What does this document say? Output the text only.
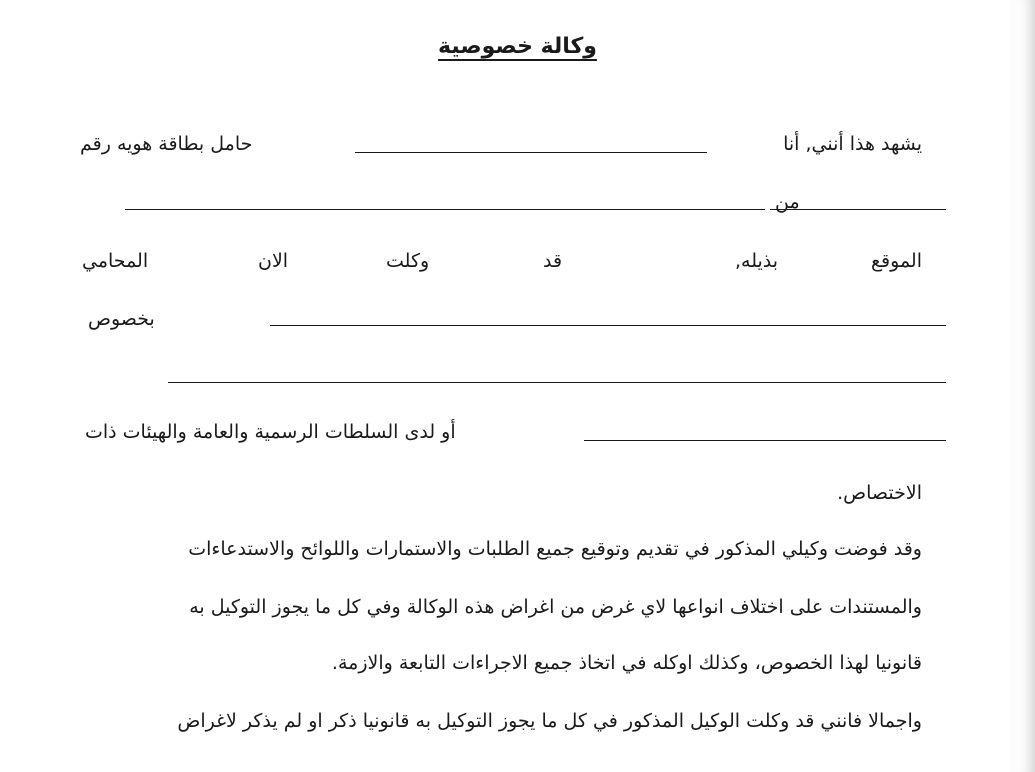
وكالة خصوصية
يشهد هذا أنني, أنا
حامل بطاقة هويه رقم
من
الموقع
بذيله,
قد
وكلت
الان
المحامي
بخصوص
أو لدى السلطات الرسمية والعامة والهيئات ذات
الاختصاص.
وقد فوضت وكيلي المذكور في تقديم وتوقيع جميع الطلبات والاستمارات واللوائح والاستدعاءات
والمستندات على اختلاف انواعها لاي غرض من اغراض هذه الوكالة وفي كل ما يجوز التوكيل به
قانونيا لهذا الخصوص، وكذلك اوكله في اتخاذ جميع الاجراءات التابعة والازمة.
واجمالا فانني قد وكلت الوكيل المذكور في كل ما يجوز التوكيل به قانونيا ذكر او لم يذكر لاغراض
